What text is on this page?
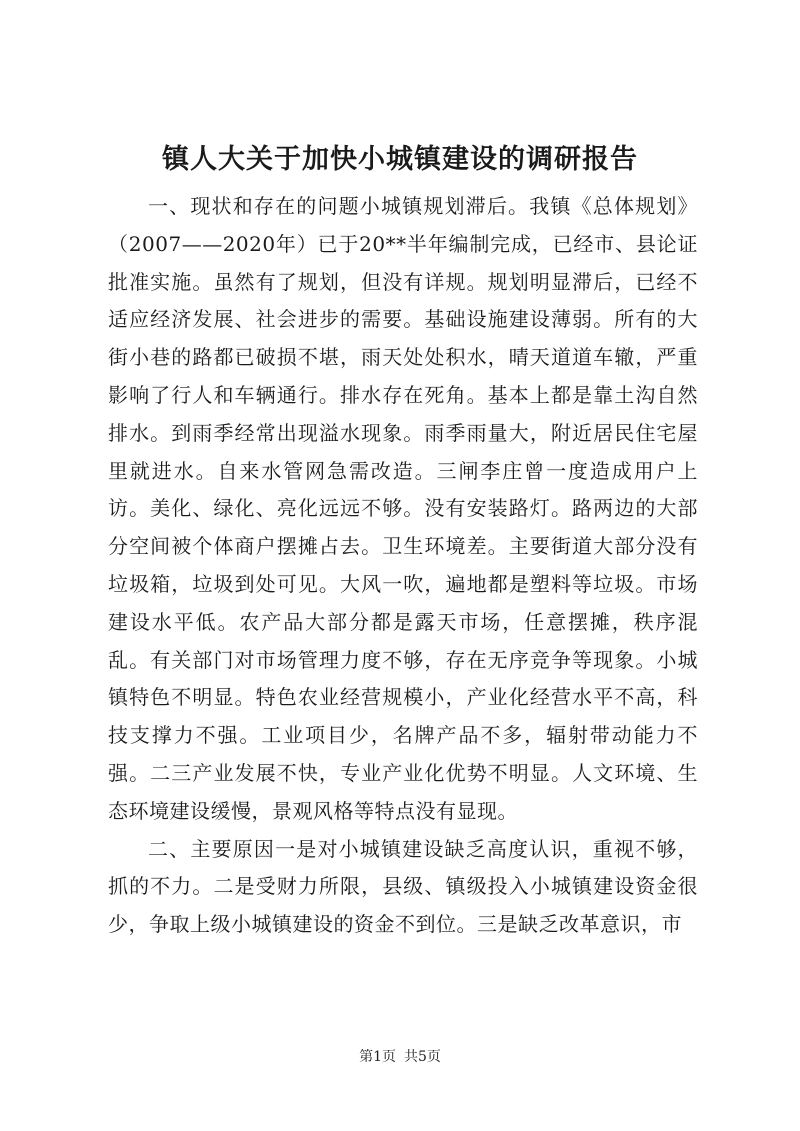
镇人大关于加快小城镇建设的调研报告

一、现状和存在的问题小城镇规划滞后。我镇《总体规划》（2007——2020年）已于20**半年编制完成，已经市、县论证批准实施。虽然有了规划，但没有详规。规划明显滞后，已经不适应经济发展、社会进步的需要。基础设施建设薄弱。所有的大街小巷的路都已破损不堪，雨天处处积水，晴天道道车辙，严重影响了行人和车辆通行。排水存在死角。基本上都是靠土沟自然排水。到雨季经常出现溢水现象。雨季雨量大，附近居民住宅屋里就进水。自来水管网急需改造。三闸李庄曾一度造成用户上访。美化、绿化、亮化远远不够。没有安装路灯。路两边的大部分空间被个体商户摆摊占去。卫生环境差。主要街道大部分没有垃圾箱，垃圾到处可见。大风一吹，遍地都是塑料等垃圾。市场建设水平低。农产品大部分都是露天市场，任意摆摊，秩序混乱。有关部门对市场管理力度不够，存在无序竞争等现象。小城镇特色不明显。特色农业经营规模小，产业化经营水平不高，科技支撑力不强。工业项目少，名牌产品不多，辐射带动能力不强。二三产业发展不快，专业产业化优势不明显。人文环境、生态环境建设缓慢，景观风格等特点没有显现。

二、主要原因一是对小城镇建设缺乏高度认识，重视不够，抓的不力。二是受财力所限，县级、镇级投入小城镇建设资金很少，争取上级小城镇建设的资金不到位。三是缺乏改革意识，市

第1页 共5页
